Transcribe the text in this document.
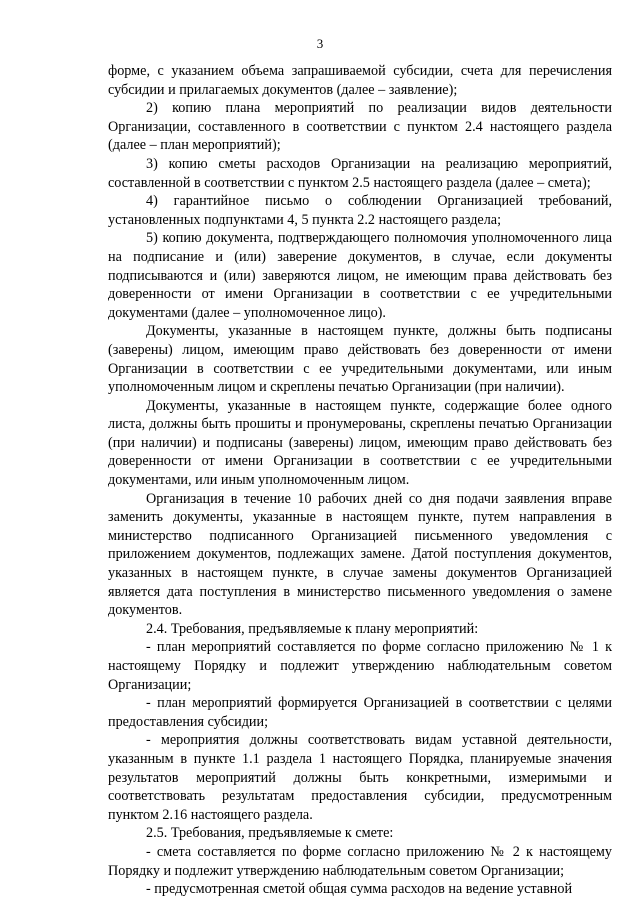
3

форме, с указанием объема запрашиваемой субсидии, счета для перечисления субсидии и прилагаемых документов (далее – заявление);

2) копию плана мероприятий по реализации видов деятельности Организации, составленного в соответствии с пунктом 2.4 настоящего раздела (далее – план мероприятий);

3) копию сметы расходов Организации на реализацию мероприятий, составленной в соответствии с пунктом 2.5 настоящего раздела (далее – смета);

4) гарантийное письмо о соблюдении Организацией требований, установленных подпунктами 4, 5 пункта 2.2 настоящего раздела;

5) копию документа, подтверждающего полномочия уполномоченного лица на подписание и (или) заверение документов, в случае, если документы подписываются и (или) заверяются лицом, не имеющим права действовать без доверенности от имени Организации в соответствии с ее учредительными документами (далее – уполномоченное лицо).

Документы, указанные в настоящем пункте, должны быть подписаны (заверены) лицом, имеющим право действовать без доверенности от имени Организации в соответствии с ее учредительными документами, или иным уполномоченным лицом и скреплены печатью Организации (при наличии).

Документы, указанные в настоящем пункте, содержащие более одного листа, должны быть прошиты и пронумерованы, скреплены печатью Организации (при наличии) и подписаны (заверены) лицом, имеющим право действовать без доверенности от имени Организации в соответствии с ее учредительными документами, или иным уполномоченным лицом.

Организация в течение 10 рабочих дней со дня подачи заявления вправе заменить документы, указанные в настоящем пункте, путем направления в министерство подписанного Организацией письменного уведомления с приложением документов, подлежащих замене. Датой поступления документов, указанных в настоящем пункте, в случае замены документов Организацией является дата поступления в министерство письменного уведомления о замене документов.

2.4. Требования, предъявляемые к плану мероприятий:

- план мероприятий составляется по форме согласно приложению № 1 к настоящему Порядку и подлежит утверждению наблюдательным советом Организации;

- план мероприятий формируется Организацией в соответствии с целями предоставления субсидии;

- мероприятия должны соответствовать видам уставной деятельности, указанным в пункте 1.1 раздела 1 настоящего Порядка, планируемые значения результатов мероприятий должны быть конкретными, измеримыми и соответствовать результатам предоставления субсидии, предусмотренным пунктом 2.16 настоящего раздела.

2.5. Требования, предъявляемые к смете:

- смета составляется по форме согласно приложению № 2 к настоящему Порядку и подлежит утверждению наблюдательным советом Организации;

- предусмотренная сметой общая сумма расходов на ведение уставной
